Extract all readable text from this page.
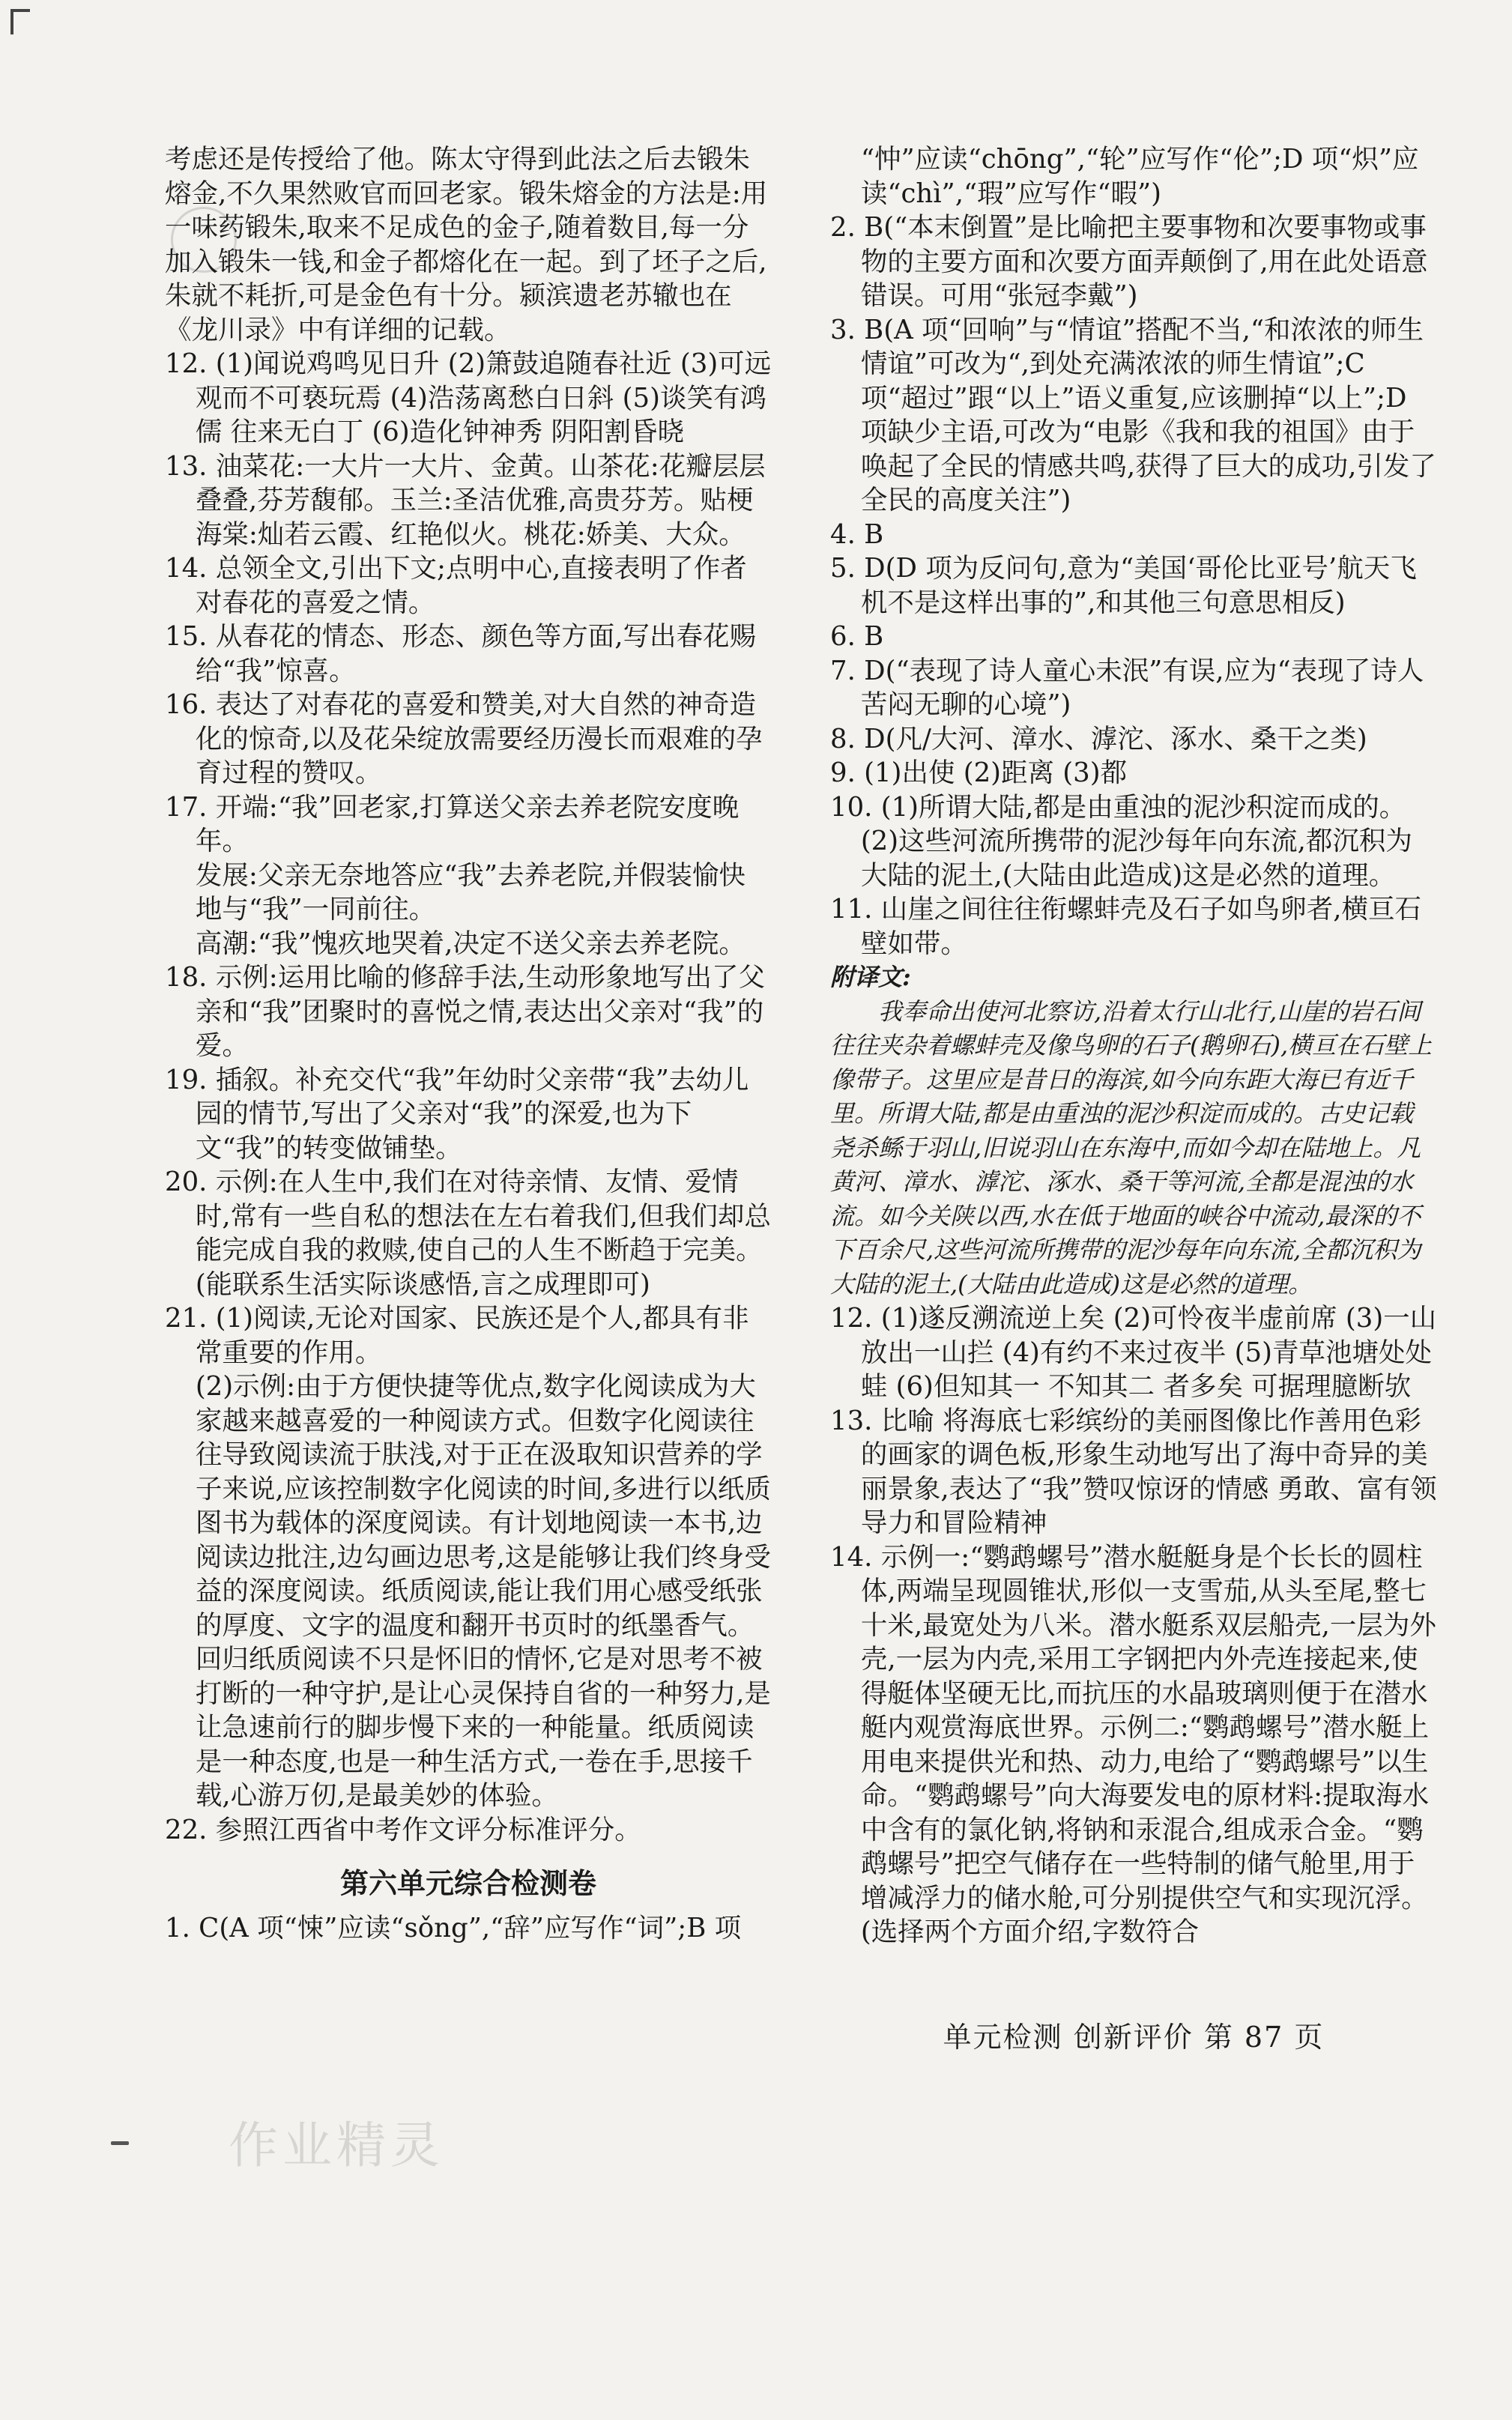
考虑还是传授给了他。陈太守得到此法之后去锻朱熔金,不久果然败官而回老家。锻朱熔金的方法是:用一味药锻朱,取来不足成色的金子,随着数目,每一分加入锻朱一钱,和金子都熔化在一起。到了坯子之后,朱就不耗折,可是金色有十分。颍滨遗老苏辙也在《龙川录》中有详细的记载。

12. (1)闻说鸡鸣见日升 (2)箫鼓追随春社近 (3)可远观而不可亵玩焉 (4)浩荡离愁白日斜 (5)谈笑有鸿儒 往来无白丁 (6)造化钟神秀 阴阳割昏晓

13. 油菜花:一大片一大片、金黄。山茶花:花瓣层层叠叠,芬芳馥郁。玉兰:圣洁优雅,高贵芬芳。贴梗海棠:灿若云霞、红艳似火。桃花:娇美、大众。

14. 总领全文,引出下文;点明中心,直接表明了作者对春花的喜爱之情。

15. 从春花的情态、形态、颜色等方面,写出春花赐给“我”惊喜。

16. 表达了对春花的喜爱和赞美,对大自然的神奇造化的惊奇,以及花朵绽放需要经历漫长而艰难的孕育过程的赞叹。

17. 开端:“我”回老家,打算送父亲去养老院安度晚年。

发展:父亲无奈地答应“我”去养老院,并假装愉快地与“我”一同前往。

高潮:“我”愧疚地哭着,决定不送父亲去养老院。

18. 示例:运用比喻的修辞手法,生动形象地写出了父亲和“我”团聚时的喜悦之情,表达出父亲对“我”的爱。

19. 插叙。补充交代“我”年幼时父亲带“我”去幼儿园的情节,写出了父亲对“我”的深爱,也为下文“我”的转变做铺垫。

20. 示例:在人生中,我们在对待亲情、友情、爱情时,常有一些自私的想法在左右着我们,但我们却总能完成自我的救赎,使自己的人生不断趋于完美。(能联系生活实际谈感悟,言之成理即可)

21. (1)阅读,无论对国家、民族还是个人,都具有非常重要的作用。

(2)示例:由于方便快捷等优点,数字化阅读成为大家越来越喜爱的一种阅读方式。但数字化阅读往往导致阅读流于肤浅,对于正在汲取知识营养的学子来说,应该控制数字化阅读的时间,多进行以纸质图书为载体的深度阅读。有计划地阅读一本书,边阅读边批注,边勾画边思考,这是能够让我们终身受益的深度阅读。纸质阅读,能让我们用心感受纸张的厚度、文字的温度和翻开书页时的纸墨香气。回归纸质阅读不只是怀旧的情怀,它是对思考不被打断的一种守护,是让心灵保持自省的一种努力,是让急速前行的脚步慢下来的一种能量。纸质阅读是一种态度,也是一种生活方式,一卷在手,思接千载,心游万仞,是最美妙的体验。

22. 参照江西省中考作文评分标准评分。

第六单元综合检测卷

1. C(A 项“悚”应读“sǒng”,“辞”应写作“词”;B 项

“忡”应读“chōng”,“轮”应写作“伦”;D 项“炽”应读“chì”,“瑕”应写作“暇”)

2. B(“本末倒置”是比喻把主要事物和次要事物或事物的主要方面和次要方面弄颠倒了,用在此处语意错误。可用“张冠李戴”)

3. B(A 项“回响”与“情谊”搭配不当,“和浓浓的师生情谊”可改为“,到处充满浓浓的师生情谊”;C 项“超过”跟“以上”语义重复,应该删掉“以上”;D 项缺少主语,可改为“电影《我和我的祖国》由于唤起了全民的情感共鸣,获得了巨大的成功,引发了全民的高度关注”)

4. B

5. D(D 项为反问句,意为“美国‘哥伦比亚号’航天飞机不是这样出事的”,和其他三句意思相反)

6. B

7. D(“表现了诗人童心未泯”有误,应为“表现了诗人苦闷无聊的心境”)

8. D(凡/大河、漳水、滹沱、涿水、桑干之类)

9. (1)出使 (2)距离 (3)都

10. (1)所谓大陆,都是由重浊的泥沙积淀而成的。

(2)这些河流所携带的泥沙每年向东流,都沉积为大陆的泥土,(大陆由此造成)这是必然的道理。

11. 山崖之间往往衔螺蚌壳及石子如鸟卵者,横亘石壁如带。

附译文:

我奉命出使河北察访,沿着太行山北行,山崖的岩石间往往夹杂着螺蚌壳及像鸟卵的石子(鹅卵石),横亘在石壁上像带子。这里应是昔日的海滨,如今向东距大海已有近千里。所谓大陆,都是由重浊的泥沙积淀而成的。古史记载尧杀鲧于羽山,旧说羽山在东海中,而如今却在陆地上。凡黄河、漳水、滹沱、涿水、桑干等河流,全都是混浊的水流。如今关陕以西,水在低于地面的峡谷中流动,最深的不下百余尺,这些河流所携带的泥沙每年向东流,全都沉积为大陆的泥土,(大陆由此造成)这是必然的道理。

12. (1)遂反溯流逆上矣 (2)可怜夜半虚前席 (3)一山放出一山拦 (4)有约不来过夜半 (5)青草池塘处处蛙 (6)但知其一 不知其二 者多矣 可据理臆断欤

13. 比喻 将海底七彩缤纷的美丽图像比作善用色彩的画家的调色板,形象生动地写出了海中奇异的美丽景象,表达了“我”赞叹惊讶的情感 勇敢、富有领导力和冒险精神

14. 示例一:“鹦鹉螺号”潜水艇艇身是个长长的圆柱体,两端呈现圆锥状,形似一支雪茄,从头至尾,整七十米,最宽处为八米。潜水艇系双层船壳,一层为外壳,一层为内壳,采用工字钢把内外壳连接起来,使得艇体坚硬无比,而抗压的水晶玻璃则便于在潜水艇内观赏海底世界。示例二:“鹦鹉螺号”潜水艇上用电来提供光和热、动力,电给了“鹦鹉螺号”以生命。“鹦鹉螺号”向大海要发电的原材料:提取海水中含有的氯化钠,将钠和汞混合,组成汞合金。“鹦鹉螺号”把空气储存在一些特制的储气舱里,用于增减浮力的储水舱,可分别提供空气和实现沉浮。(选择两个方面介绍,字数符合

单元检测 创新评价 第 87 页
作业精灵
